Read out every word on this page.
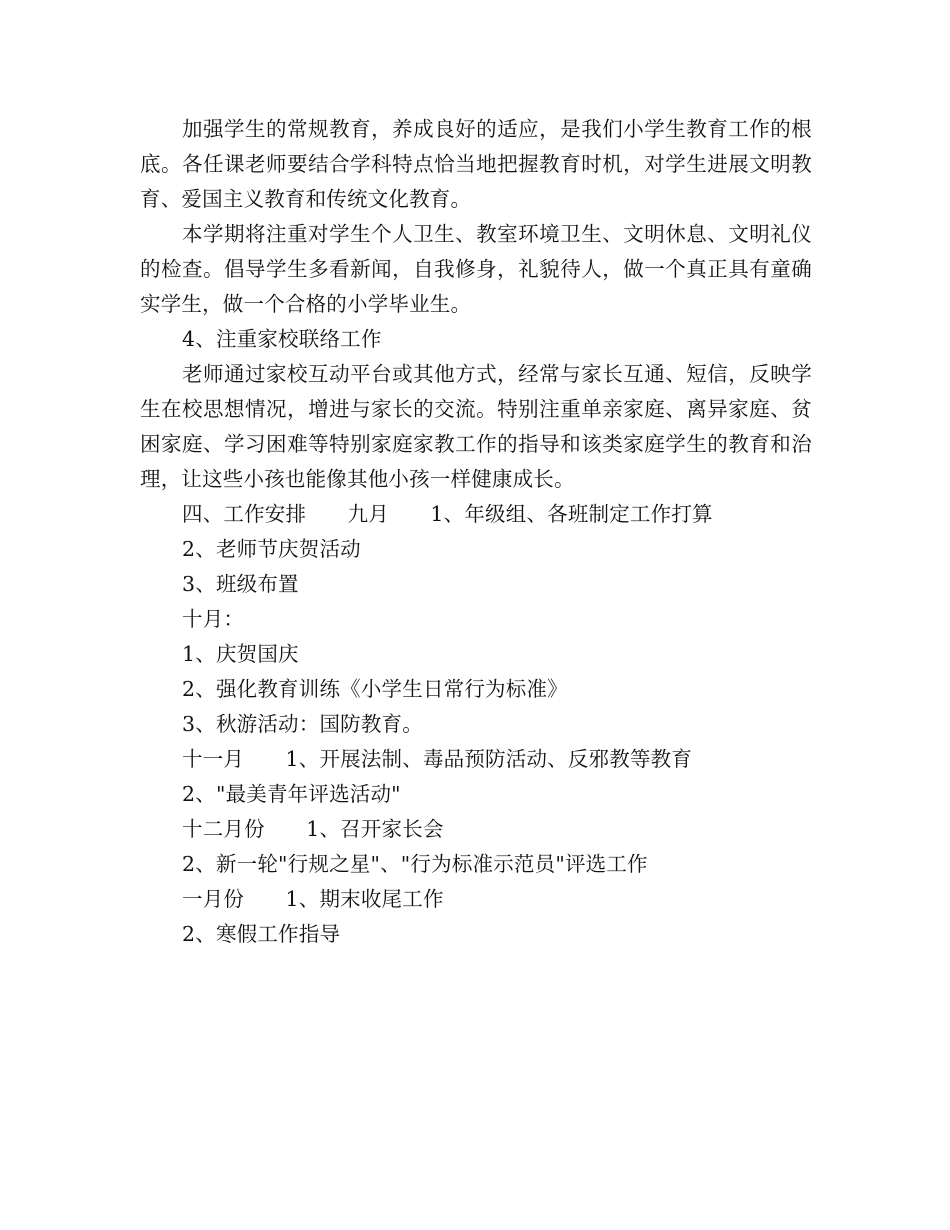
加强学生的常规教育，养成良好的适应，是我们小学生教育工作的根底。各任课老师要结合学科特点恰当地把握教育时机，对学生进展文明教育、爱国主义教育和传统文化教育。

本学期将注重对学生个人卫生、教室环境卫生、文明休息、文明礼仪的检查。倡导学生多看新闻，自我修身，礼貌待人，做一个真正具有童确实学生，做一个合格的小学毕业生。

4、注重家校联络工作

老师通过家校互动平台或其他方式，经常与家长互通、短信，反映学生在校思想情况，增进与家长的交流。特别注重单亲家庭、离异家庭、贫困家庭、学习困难等特别家庭家教工作的指导和该类家庭学生的教育和治理，让这些小孩也能像其他小孩一样健康成长。

四、工作安排　　九月　　1、年级组、各班制定工作打算

2、老师节庆贺活动

3、班级布置

十月：

1、庆贺国庆

2、强化教育训练《小学生日常行为标准》

3、秋游活动：国防教育。

十一月　　1、开展法制、毒品预防活动、反邪教等教育

2、"最美青年评选活动"

十二月份　　1、召开家长会

2、新一轮"行规之星"、"行为标准示范员"评选工作

一月份　　1、期末收尾工作

2、寒假工作指导
